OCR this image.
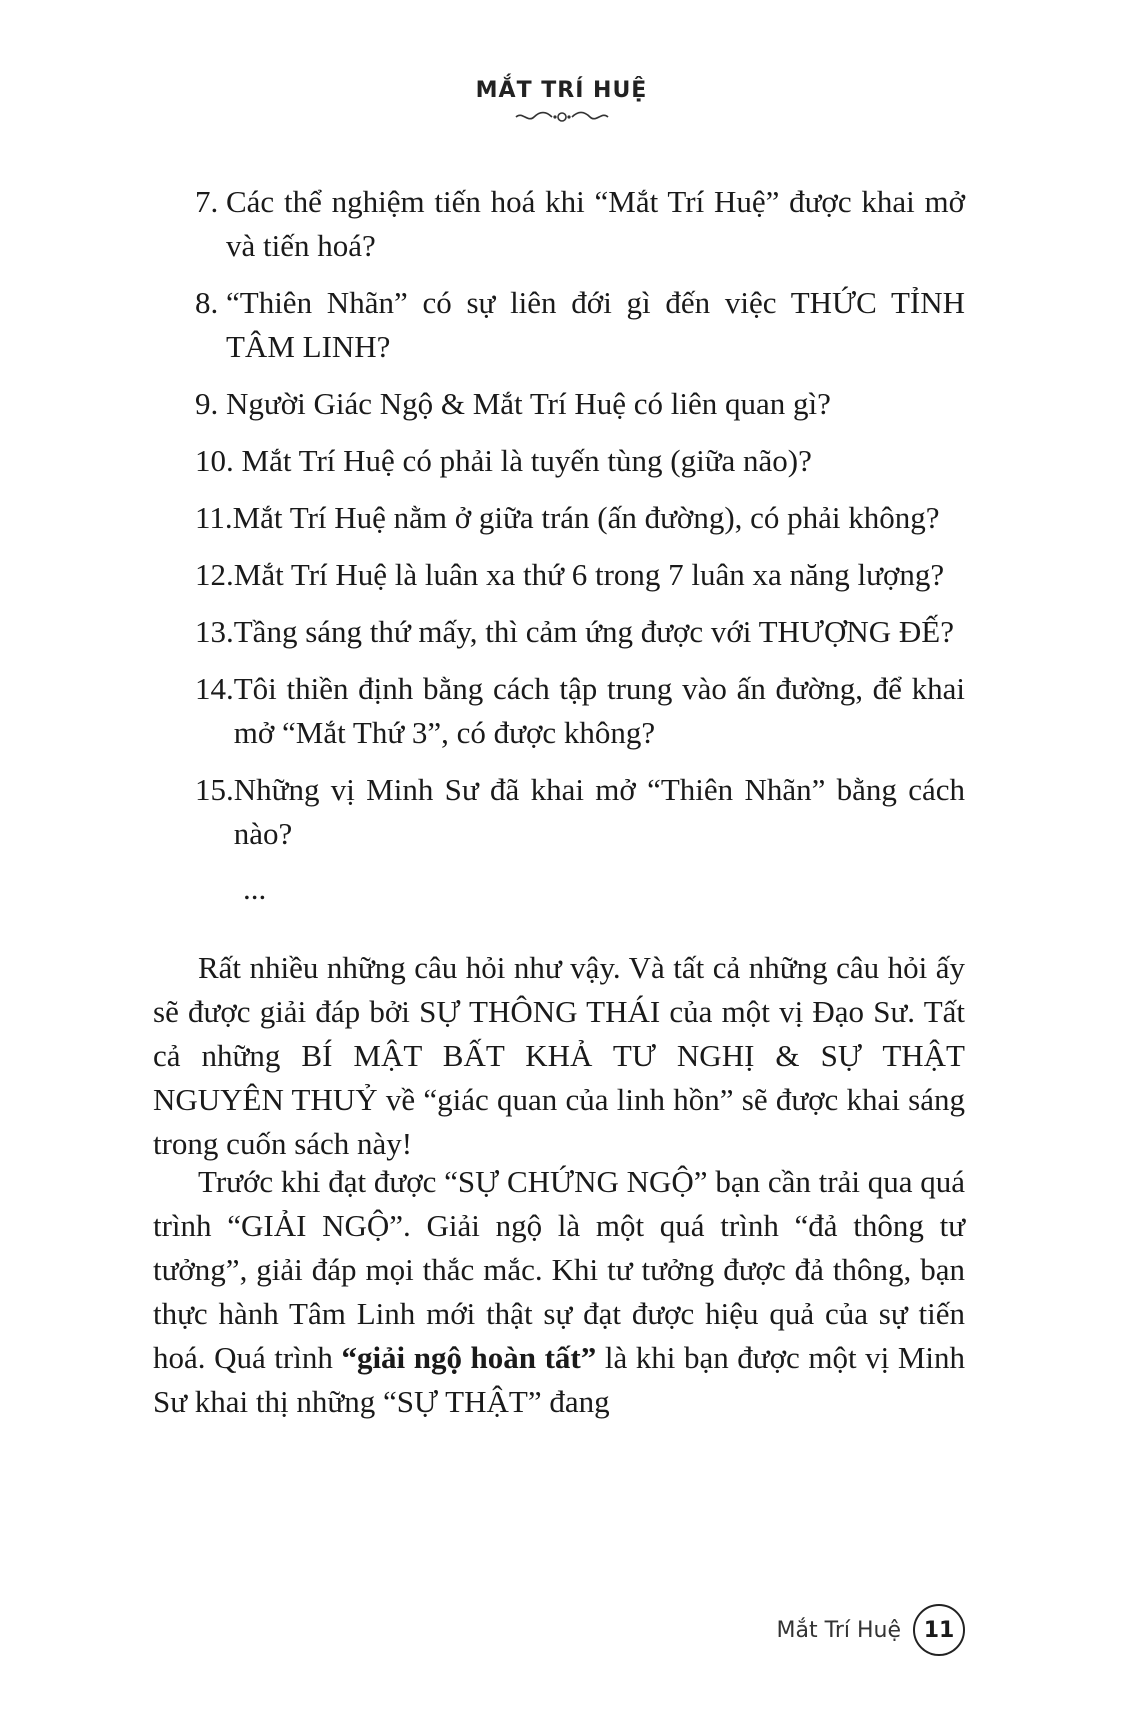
MẮT TRÍ HUỆ
7. Các thể nghiệm tiến hoá khi “Mắt Trí Huệ” được khai mở và tiến hoá?
8. “Thiên Nhãn” có sự liên đới gì đến việc THỨC TỈNH TÂM LINH?
9. Người Giác Ngộ & Mắt Trí Huệ có liên quan gì?
10. Mắt Trí Huệ có phải là tuyến tùng (giữa não)?
11. Mắt Trí Huệ nằm ở giữa trán (ấn đường), có phải không?
12. Mắt Trí Huệ là luân xa thứ 6 trong 7 luân xa năng lượng?
13. Tầng sáng thứ mấy, thì cảm ứng được với THƯỢNG ĐẾ?
14. Tôi thiền định bằng cách tập trung vào ấn đường, để khai mở “Mắt Thứ 3”, có được không?
15. Những vị Minh Sư đã khai mở “Thiên Nhãn” bằng cách nào?
...

Rất nhiều những câu hỏi như vậy. Và tất cả những câu hỏi ấy sẽ được giải đáp bởi SỰ THÔNG THÁI của một vị Đạo Sư. Tất cả những BÍ MẬT BẤT KHẢ TƯ NGHỊ & SỰ THẬT NGUYÊN THUỶ về “giác quan của linh hồn” sẽ được khai sáng trong cuốn sách này!

Trước khi đạt được “SỰ CHỨNG NGỘ” bạn cần trải qua quá trình “GIẢI NGỘ”. Giải ngộ là một quá trình “đả thông tư tưởng”, giải đáp mọi thắc mắc. Khi tư tưởng được đả thông, bạn thực hành Tâm Linh mới thật sự đạt được hiệu quả của sự tiến hoá. Quá trình “giải ngộ hoàn tất” là khi bạn được một vị Minh Sư khai thị những “SỰ THẬT” đang

Mắt Trí Huệ	11
